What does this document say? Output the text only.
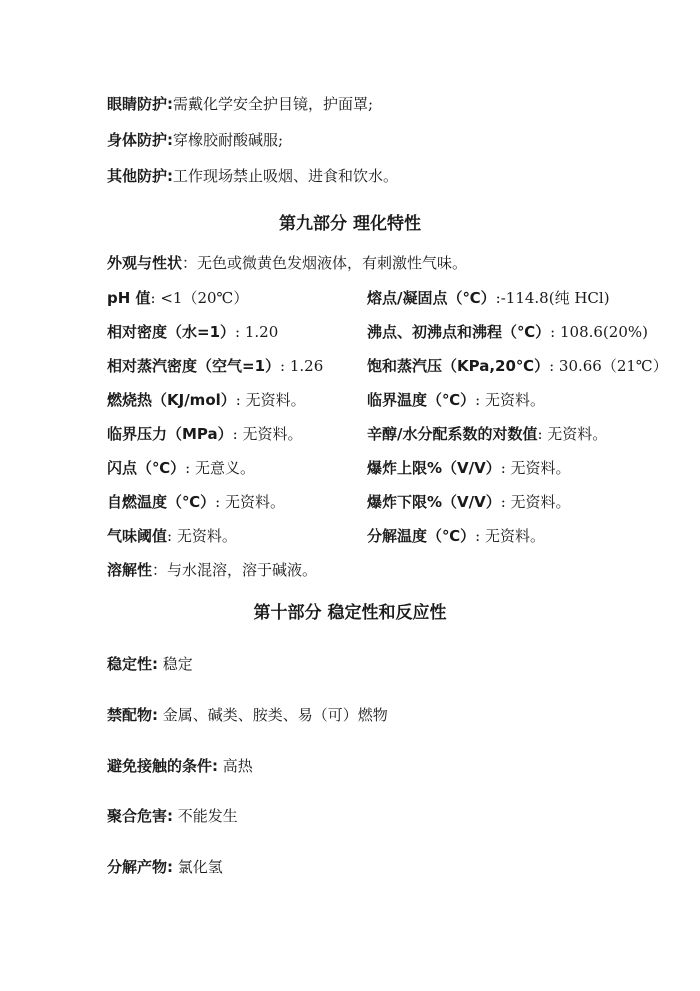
眼睛防护:需戴化学安全护目镜，护面罩;
身体防护:穿橡胶耐酸碱服;
其他防护:工作现场禁止吸烟、进食和饮水。
第九部分 理化特性
外观与性状：无色或微黄色发烟液体，有刺激性气味。
pH 值: <1（20℃）	熔点/凝固点（℃）:-114.8(纯 HCl)
相对密度（水=1）: 1.20	沸点、初沸点和沸程（℃）: 108.6(20%)
相对蒸汽密度（空气=1）: 1.26	饱和蒸汽压（KPa,20℃）: 30.66（21℃）
燃烧热（KJ/mol）: 无资料。	临界温度（℃）: 无资料。
临界压力（MPa）: 无资料。	辛醇/水分配系数的对数值: 无资料。
闪点（℃）: 无意义。	爆炸上限%（V/V）: 无资料。
自燃温度（℃）: 无资料。	爆炸下限%（V/V）: 无资料。
气味阈值: 无资料。	分解温度（℃）: 无资料。
溶解性：与水混溶，溶于碱液。
第十部分 稳定性和反应性
稳定性: 稳定
禁配物: 金属、碱类、胺类、易（可）燃物
避免接触的条件: 高热
聚合危害: 不能发生
分解产物: 氯化氢
